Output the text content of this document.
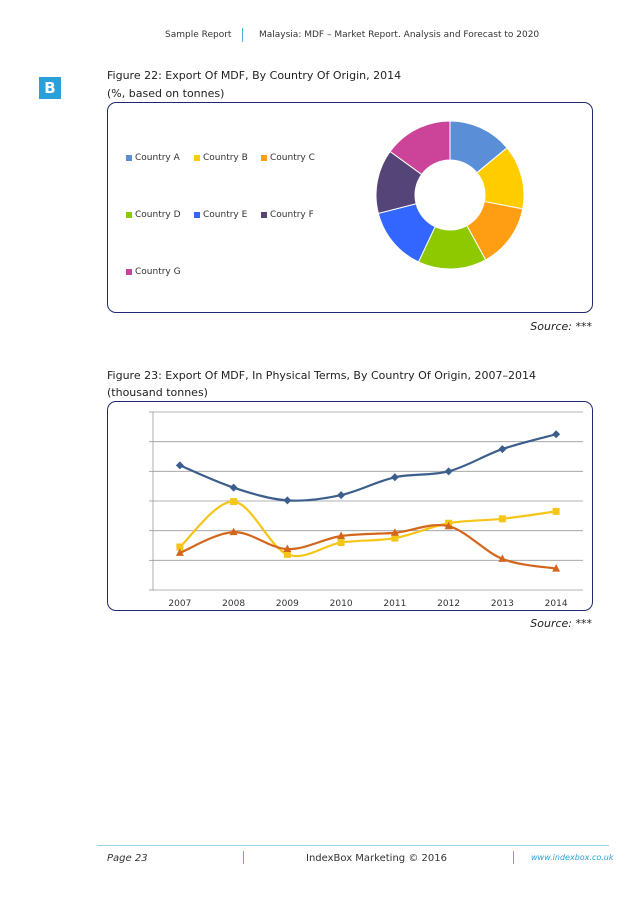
Sample Report	Malaysia: MDF – Market Report. Analysis and Forecast to 2020
B
Figure 22: Export Of MDF, By Country Of Origin, 2014
(%, based on tonnes)
Country A	Country B Country C
Country D Country E	Country F
Country G
Source: ***
Figure 23: Export Of MDF, In Physical Terms, By Country Of Origin, 2007–2014
(thousand tonnes)
2007	2008	2009	2010	2011	2012	2013	2014
Source: ***
Page 23	IndexBox Marketing © 2016	www.indexbox.co.uk
